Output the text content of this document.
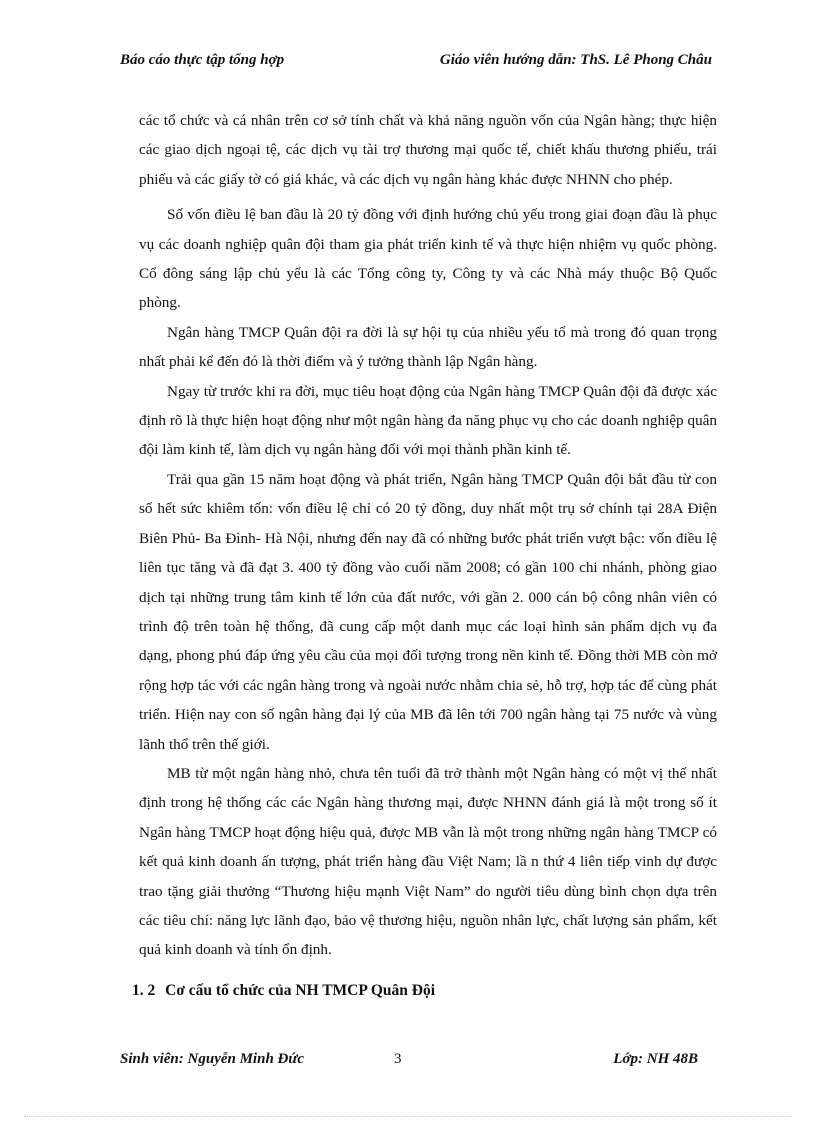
Báo cáo thực tập tổng hợp	Giáo viên hướng dẫn: ThS. Lê Phong Châu

các tổ chức và cá nhân trên cơ sở tính chất và khả năng nguồn vốn của Ngân hàng; thực hiện các giao dịch ngoại tệ, các dịch vụ tài trợ thương mại quốc tế, chiết khấu thương phiếu, trái phiếu và các giấy tờ có giá khác, và các dịch vụ ngân hàng khác được NHNN cho phép.

Số vốn điều lệ ban đầu là 20 tỷ đồng với định hướng chủ yếu trong giai đoạn đầu là phục vụ các doanh nghiệp quân đội tham gia phát triển kinh tế và thực hiện nhiệm vụ quốc phòng. Cổ đông sáng lập chủ yếu là các Tổng công ty, Công ty và các Nhà máy thuộc Bộ Quốc phòng.

Ngân hàng TMCP Quân đội ra đời là sự hội tụ của nhiều yếu tố mà trong đó quan trọng nhất phải kể đến đó là thời điểm và ý tưởng thành lập Ngân hàng.

Ngay từ trước khi ra đời, mục tiêu hoạt động của Ngân hàng TMCP Quân đội đã được xác định rõ là thực hiện hoạt động như một ngân hàng đa năng phục vụ cho các doanh nghiệp quân đội làm kinh tế, làm dịch vụ ngân hàng đối với mọi thành phần kinh tế.

Trải qua gần 15 năm hoạt động và phát triển, Ngân hàng TMCP Quân đội bắt đầu từ con số hết sức khiêm tốn: vốn điều lệ chỉ có 20 tỷ đồng, duy nhất một trụ sở chính tại 28A Điện Biên Phủ- Ba Đình- Hà Nội, nhưng đến nay đã có những bước phát triển vượt bậc: vốn điều lệ liên tục tăng và đã đạt 3. 400 tỷ đồng vào cuối năm 2008; có gần 100 chi nhánh, phòng giao dịch tại những trung tâm kinh tế lớn của đất nước, với gần 2. 000 cán bộ công nhân viên có trình độ trên toàn hệ thống, đã cung cấp một danh mục các loại hình sản phẩm dịch vụ đa dạng, phong phú đáp ứng yêu cầu của mọi đối tượng trong nền kinh tế. Đồng thời MB còn mở rộng hợp tác với các ngân hàng trong và ngoài nước nhằm chia sẻ, hỗ trợ, hợp tác để cùng phát triển. Hiện nay con số ngân hàng đại lý của MB đã lên tới 700 ngân hàng tại 75 nước và vùng lãnh thổ trên thế giới.

MB từ một ngân hàng nhỏ, chưa tên tuổi đã trở thành một Ngân hàng có một vị thế nhất định trong hệ thống các các Ngân hàng thương mại, được NHNN đánh giá là một trong số ít Ngân hàng TMCP hoạt động hiệu quả, được MB vẫn là một trong những ngân hàng TMCP có kết quả kinh doanh ấn tượng, phát triển hàng đầu Việt Nam; lầ n thứ 4 liên tiếp vinh dự được trao tặng giải thưởng “Thương hiệu mạnh Việt Nam” do người tiêu dùng bình chọn dựa trên các tiêu chí: năng lực lãnh đạo, bảo vệ thương hiệu, nguồn nhân lực, chất lượng sản phẩm, kết quả kinh doanh và tính ổn định.

1. 2 Cơ cấu tổ chức của NH TMCP Quân Đội
Sinh viên: Nguyễn Minh Đức	3	Lớp: NH 48B
